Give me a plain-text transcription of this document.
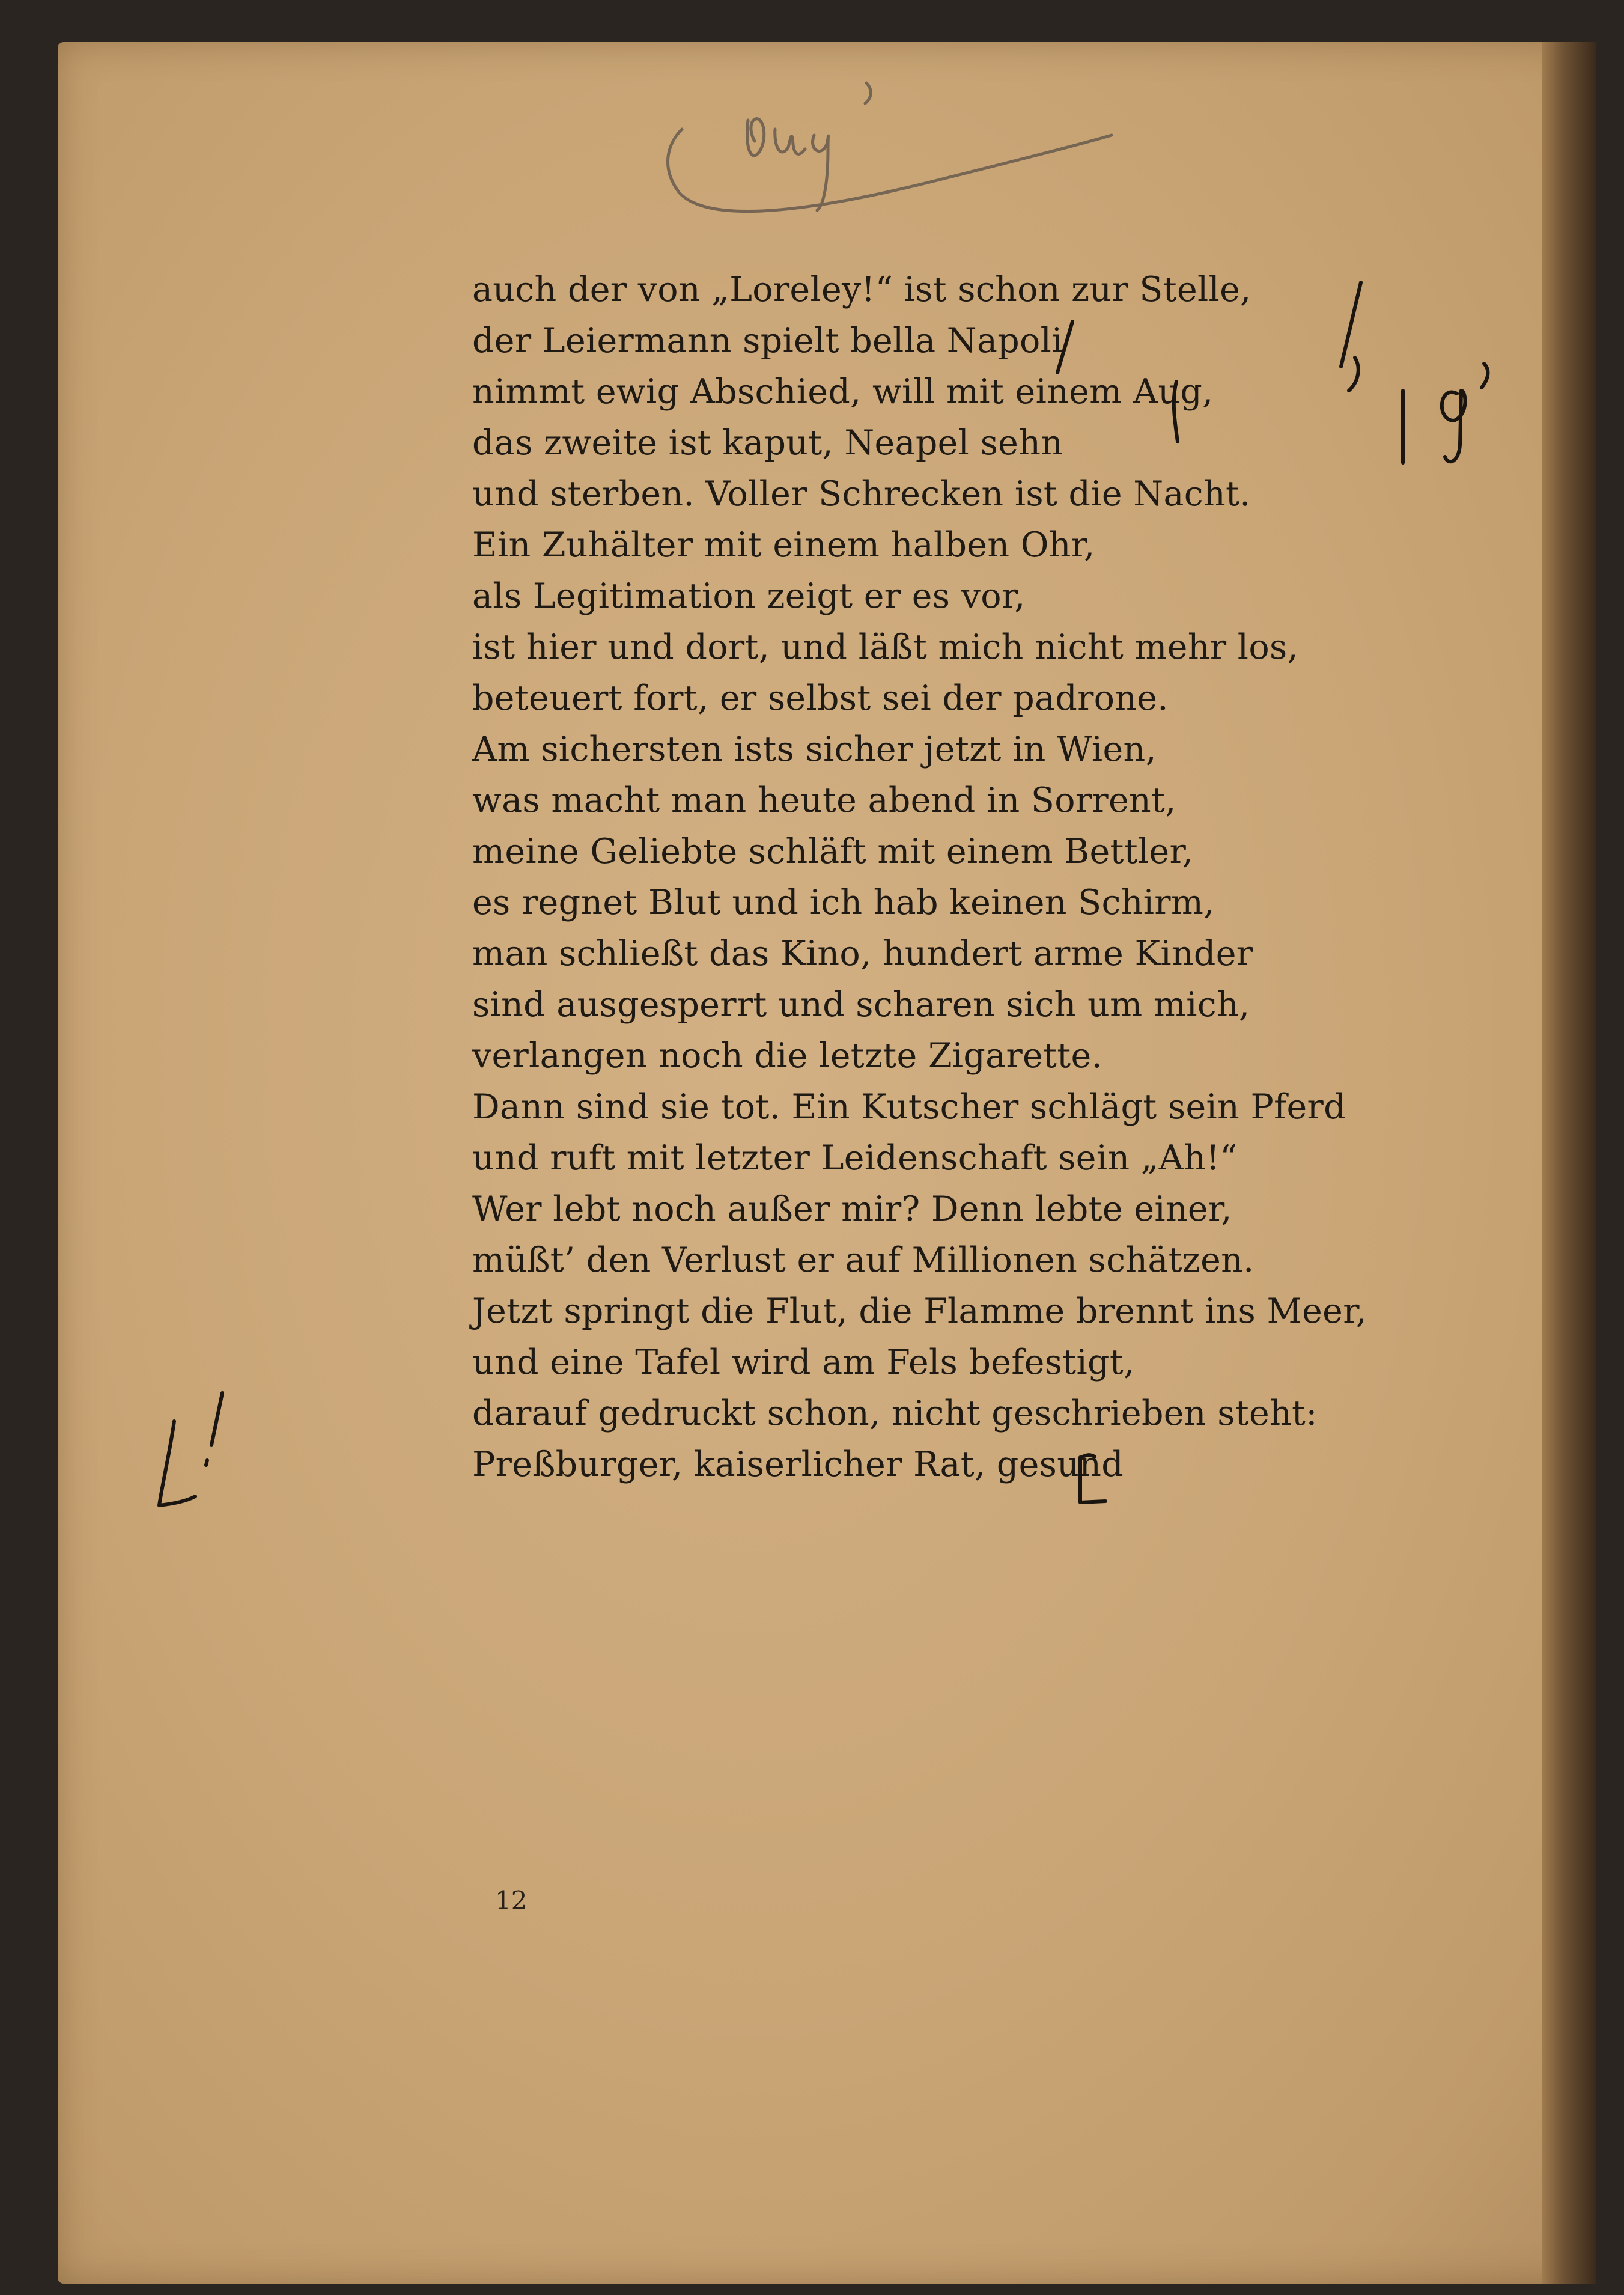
auch der von „Loreley!“ ist schon zur Stelle,
der Leiermann spielt bella Napoli
nimmt ewig Abschied, will mit einem Aug,
das zweite ist kaput, Neapel sehn
und sterben. Voller Schrecken ist die Nacht.
Ein Zuhälter mit einem halben Ohr,
als Legitimation zeigt er es vor,
ist hier und dort, und läßt mich nicht mehr los,
beteuert fort, er selbst sei der padrone.
Am sichersten ists sicher jetzt in Wien,
was macht man heute abend in Sorrent,
meine Geliebte schläft mit einem Bettler,
es regnet Blut und ich hab keinen Schirm,
man schließt das Kino, hundert arme Kinder
sind ausgesperrt und scharen sich um mich,
verlangen noch die letzte Zigarette.
Dann sind sie tot. Ein Kutscher schlägt sein Pferd
und ruft mit letzter Leidenschaft sein „Ah!“
Wer lebt noch außer mir? Denn lebte einer,
müßt’ den Verlust er auf Millionen schätzen.
Jetzt springt die Flut, die Flamme brennt ins Meer,
und eine Tafel wird am Fels befestigt,
darauf gedruckt schon, nicht geschrieben steht:
Preßburger, kaiserlicher Rat, gesund
12
